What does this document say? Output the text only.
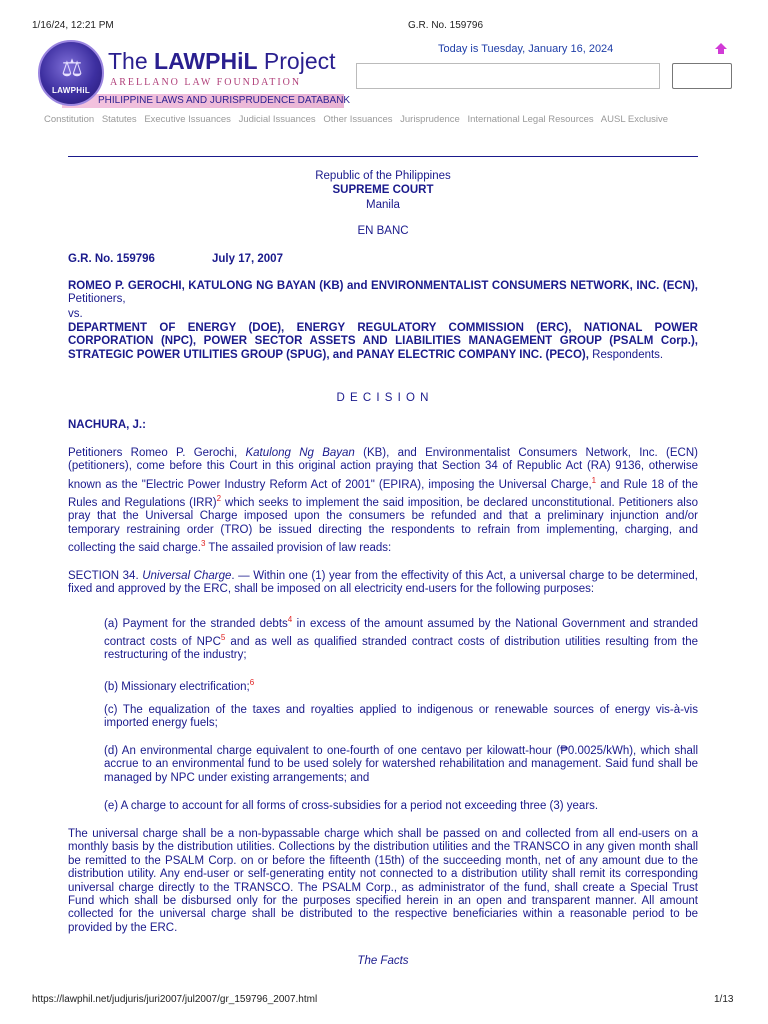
1/16/24, 12:21 PM	G.R. No. 159796
PHILIPPINE LAWS AND JURISPRUDENCE DATABANK
⚖
LAWPHiL
The LAWPHiL Project
ARELLANO LAW FOUNDATION
Today is Tuesday, January 16, 2024
Constitution Statutes Executive Issuances Judicial Issuances Other Issuances Jurisprudence International Legal Resources AUSL Exclusive
Republic of the Philippines
SUPREME COURT
Manila
EN BANC
G.R. No. 159796	July 17, 2007
ROMEO P. GEROCHI, KATULONG NG BAYAN (KB) and ENVIRONMENTALIST CONSUMERS NETWORK, INC. (ECN), Petitioners,
vs.
DEPARTMENT OF ENERGY (DOE), ENERGY REGULATORY COMMISSION (ERC), NATIONAL POWER CORPORATION (NPC), POWER SECTOR ASSETS AND LIABILITIES MANAGEMENT GROUP (PSALM Corp.), STRATEGIC POWER UTILITIES GROUP (SPUG), and PANAY ELECTRIC COMPANY INC. (PECO), Respondents.
D E C I S I O N
NACHURA, J.:
Petitioners Romeo P. Gerochi, Katulong Ng Bayan (KB), and Environmentalist Consumers Network, Inc. (ECN) (petitioners), come before this Court in this original action praying that Section 34 of Republic Act (RA) 9136, otherwise known as the "Electric Power Industry Reform Act of 2001" (EPIRA), imposing the Universal Charge,$^1$ and Rule 18 of the Rules and Regulations (IRR)$^2$ which seeks to implement the said imposition, be declared unconstitutional. Petitioners also pray that the Universal Charge imposed upon the consumers be refunded and that a preliminary injunction and/or temporary restraining order (TRO) be issued directing the respondents to refrain from implementing, charging, and collecting the said charge.$^3$ The assailed provision of law reads:
SECTION 34. Universal Charge. — Within one (1) year from the effectivity of this Act, a universal charge to be determined, fixed and approved by the ERC, shall be imposed on all electricity end-users for the following purposes:
(a) Payment for the stranded debts$^4$ in excess of the amount assumed by the National Government and stranded contract costs of NPC$^5$ and as well as qualified stranded contract costs of distribution utilities resulting from the restructuring of the industry;
(b) Missionary electrification;$^6$
(c) The equalization of the taxes and royalties applied to indigenous or renewable sources of energy vis-à-vis imported energy fuels;
(d) An environmental charge equivalent to one-fourth of one centavo per kilowatt-hour (₱0.0025/kWh), which shall accrue to an environmental fund to be used solely for watershed rehabilitation and management. Said fund shall be managed by NPC under existing arrangements; and
(e) A charge to account for all forms of cross-subsidies for a period not exceeding three (3) years.
The universal charge shall be a non-bypassable charge which shall be passed on and collected from all end-users on a monthly basis by the distribution utilities. Collections by the distribution utilities and the TRANSCO in any given month shall be remitted to the PSALM Corp. on or before the fifteenth (15th) of the succeeding month, net of any amount due to the distribution utility. Any end-user or self-generating entity not connected to a distribution utility shall remit its corresponding universal charge directly to the TRANSCO. The PSALM Corp., as administrator of the fund, shall create a Special Trust Fund which shall be disbursed only for the purposes specified herein in an open and transparent manner. All amount collected for the universal charge shall be distributed to the respective beneficiaries within a reasonable period to be provided by the ERC.
The Facts
https://lawphil.net/judjuris/juri2007/jul2007/gr_159796_2007.html	1/13
